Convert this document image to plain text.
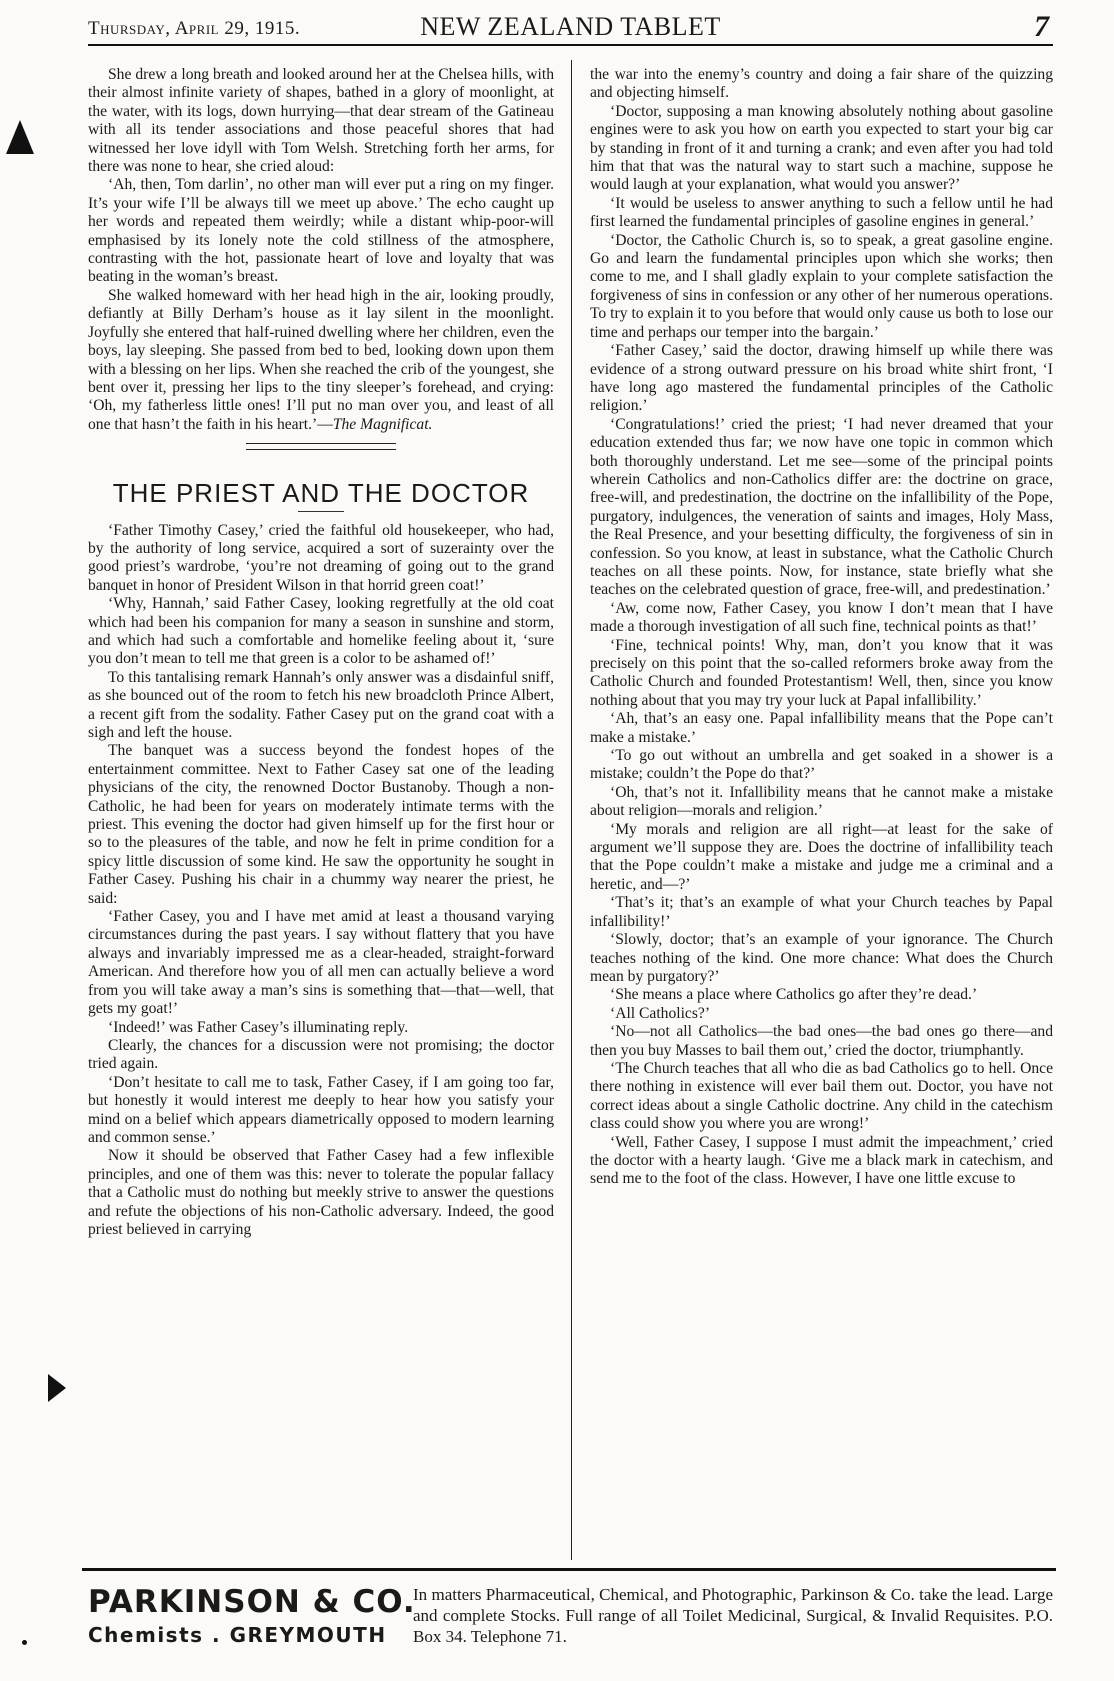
Thursday, April 29, 1915.	NEW ZEALAND TABLET	7

She drew a long breath and looked around her at the Chelsea hills, with their almost infinite variety of shapes, bathed in a glory of moonlight, at the water, with its logs, down hurrying—that dear stream of the Gatineau with all its tender associations and those peaceful shores that had witnessed her love idyll with Tom Welsh. Stretching forth her arms, for there was none to hear, she cried aloud:

‘Ah, then, Tom darlin’, no other man will ever put a ring on my finger. It’s your wife I’ll be always till we meet up above.’ The echo caught up her words and repeated them weirdly; while a distant whip-poor-will emphasised by its lonely note the cold stillness of the atmosphere, contrasting with the hot, passionate heart of love and loyalty that was beating in the woman’s breast.

She walked homeward with her head high in the air, looking proudly, defiantly at Billy Derham’s house as it lay silent in the moonlight. Joyfully she entered that half-ruined dwelling where her children, even the boys, lay sleeping. She passed from bed to bed, looking down upon them with a blessing on her lips. When she reached the crib of the youngest, she bent over it, pressing her lips to the tiny sleeper’s forehead, and crying: ‘Oh, my fatherless little ones! I’ll put no man over you, and least of all one that hasn’t the faith in his heart.’—The Magnificat.

THE PRIEST AND THE DOCTOR

‘Father Timothy Casey,’ cried the faithful old housekeeper, who had, by the authority of long service, acquired a sort of suzerainty over the good priest’s wardrobe, ‘you’re not dreaming of going out to the grand banquet in honor of President Wilson in that horrid green coat!’

‘Why, Hannah,’ said Father Casey, looking regretfully at the old coat which had been his companion for many a season in sunshine and storm, and which had such a comfortable and homelike feeling about it, ‘sure you don’t mean to tell me that green is a color to be ashamed of!’

To this tantalising remark Hannah’s only answer was a disdainful sniff, as she bounced out of the room to fetch his new broadcloth Prince Albert, a recent gift from the sodality. Father Casey put on the grand coat with a sigh and left the house.

The banquet was a success beyond the fondest hopes of the entertainment committee. Next to Father Casey sat one of the leading physicians of the city, the renowned Doctor Bustanoby. Though a non-Catholic, he had been for years on moderately intimate terms with the priest. This evening the doctor had given himself up for the first hour or so to the pleasures of the table, and now he felt in prime condition for a spicy little discussion of some kind. He saw the opportunity he sought in Father Casey. Pushing his chair in a chummy way nearer the priest, he said:

‘Father Casey, you and I have met amid at least a thousand varying circumstances during the past years. I say without flattery that you have always and invariably impressed me as a clear-headed, straight-forward American. And therefore how you of all men can actually believe a word from you will take away a man’s sins is something that—that—well, that gets my goat!’

‘Indeed!’ was Father Casey’s illuminating reply.

Clearly, the chances for a discussion were not promising; the doctor tried again.

‘Don’t hesitate to call me to task, Father Casey, if I am going too far, but honestly it would interest me deeply to hear how you satisfy your mind on a belief which appears diametrically opposed to modern learning and common sense.’

Now it should be observed that Father Casey had a few inflexible principles, and one of them was this: never to tolerate the popular fallacy that a Catholic must do nothing but meekly strive to answer the questions and refute the objections of his non-Catholic adversary. Indeed, the good priest believed in carrying

the war into the enemy’s country and doing a fair share of the quizzing and objecting himself.

‘Doctor, supposing a man knowing absolutely nothing about gasoline engines were to ask you how on earth you expected to start your big car by standing in front of it and turning a crank; and even after you had told him that that was the natural way to start such a machine, suppose he would laugh at your explanation, what would you answer?’

‘It would be useless to answer anything to such a fellow until he had first learned the fundamental principles of gasoline engines in general.’

‘Doctor, the Catholic Church is, so to speak, a great gasoline engine. Go and learn the fundamental principles upon which she works; then come to me, and I shall gladly explain to your complete satisfaction the forgiveness of sins in confession or any other of her numerous operations. To try to explain it to you before that would only cause us both to lose our time and perhaps our temper into the bargain.’

‘Father Casey,’ said the doctor, drawing himself up while there was evidence of a strong outward pressure on his broad white shirt front, ‘I have long ago mastered the fundamental principles of the Catholic religion.’

‘Congratulations!’ cried the priest; ‘I had never dreamed that your education extended thus far; we now have one topic in common which both thoroughly understand. Let me see—some of the principal points wherein Catholics and non-Catholics differ are: the doctrine on grace, free-will, and predestination, the doctrine on the infallibility of the Pope, purgatory, indulgences, the veneration of saints and images, Holy Mass, the Real Presence, and your besetting difficulty, the forgiveness of sin in confession. So you know, at least in substance, what the Catholic Church teaches on all these points. Now, for instance, state briefly what she teaches on the celebrated question of grace, free-will, and predestination.’

‘Aw, come now, Father Casey, you know I don’t mean that I have made a thorough investigation of all such fine, technical points as that!’

‘Fine, technical points! Why, man, don’t you know that it was precisely on this point that the so-called reformers broke away from the Catholic Church and founded Protestantism! Well, then, since you know nothing about that you may try your luck at Papal infallibility.’

‘Ah, that’s an easy one. Papal infallibility means that the Pope can’t make a mistake.’

‘To go out without an umbrella and get soaked in a shower is a mistake; couldn’t the Pope do that?’

‘Oh, that’s not it. Infallibility means that he cannot make a mistake about religion—morals and religion.’

‘My morals and religion are all right—at least for the sake of argument we’ll suppose they are. Does the doctrine of infallibility teach that the Pope couldn’t make a mistake and judge me a criminal and a heretic, and—?’

‘That’s it; that’s an example of what your Church teaches by Papal infallibility!’

‘Slowly, doctor; that’s an example of your ignorance. The Church teaches nothing of the kind. One more chance: What does the Church mean by purgatory?’

‘She means a place where Catholics go after they’re dead.’

‘All Catholics?’

‘No—not all Catholics—the bad ones—the bad ones go there—and then you buy Masses to bail them out,’ cried the doctor, triumphantly.

‘The Church teaches that all who die as bad Catholics go to hell. Once there nothing in existence will ever bail them out. Doctor, you have not correct ideas about a single Catholic doctrine. Any child in the catechism class could show you where you are wrong!’

‘Well, Father Casey, I suppose I must admit the impeachment,’ cried the doctor with a hearty laugh. ‘Give me a black mark in catechism, and send me to the foot of the class. However, I have one little excuse to

PARKINSON & CO.
Chemists . GREYMOUTH
In matters Pharmaceutical, Chemical, and Photographic, Parkinson & Co. take the lead. Large and complete Stocks. Full range of all Toilet Medicinal, Surgical, & Invalid Requisites. P.O. Box 34. Telephone 71.
